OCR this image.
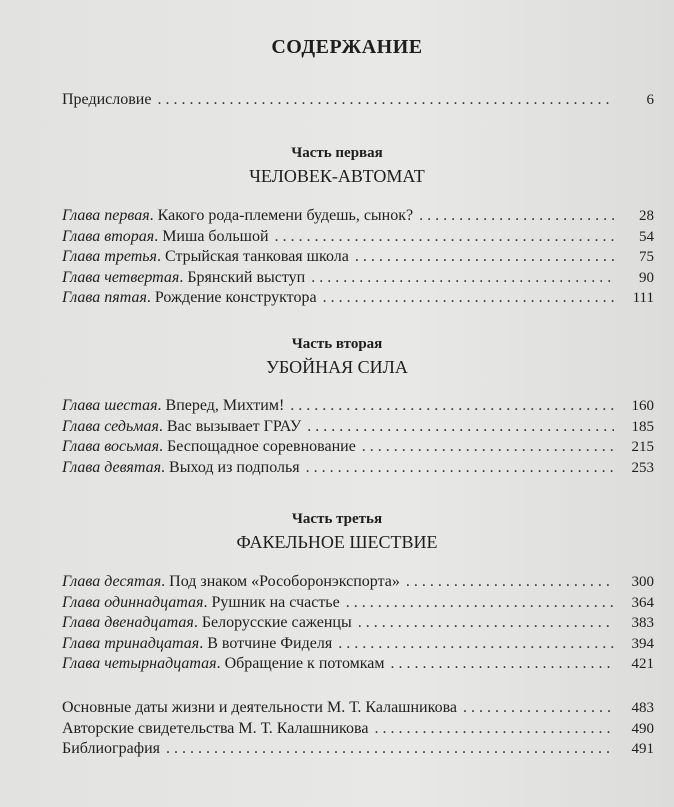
СОДЕРЖАНИЕ
Предисловие . . .	6
Часть первая
ЧЕЛОВЕК-АВТОМАТ
Глава первая. Какого рода-племени будешь, сынок? . . .	28
Глава вторая. Миша большой . . .	54
Глава третья. Стрыйская танковая школа . . .	75
Глава четвертая. Брянский выступ . . .	90
Глава пятая. Рождение конструктора . . .	111
Часть вторая
УБОЙНАЯ СИЛА
Глава шестая. Вперед, Михтим! . . .	160
Глава седьмая. Вас вызывает ГРАУ . . .	185
Глава восьмая. Беспощадное соревнование . . .	215
Глава девятая. Выход из подполья . . .	253
Часть третья
ФАКЕЛЬНОЕ ШЕСТВИЕ
Глава десятая. Под знаком «Рособоронэкспорта» . . .	300
Глава одиннадцатая. Рушник на счастье . . .	364
Глава двенадцатая. Белорусские саженцы . . .	383
Глава тринадцатая. В вотчине Фиделя . . .	394
Глава четырнадцатая. Обращение к потомкам . . .	421
Основные даты жизни и деятельности М. Т. Калашникова . . .	483
Авторские свидетельства М. Т. Калашникова . . .	490
Библиография . . .	491
